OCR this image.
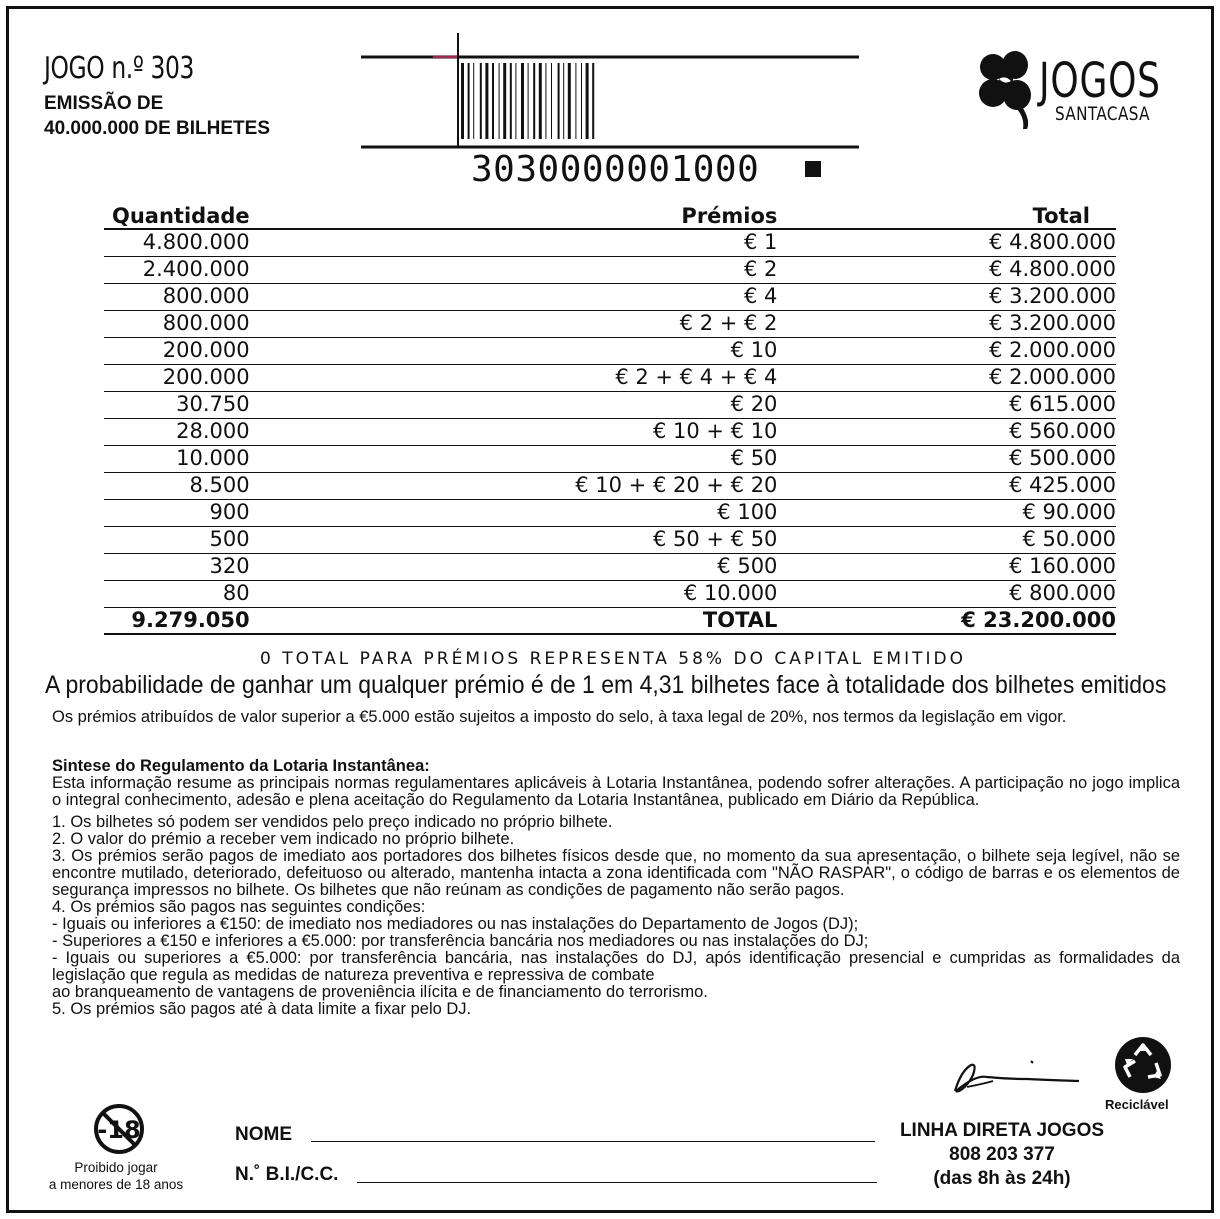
JOGO n.º 303
EMISSÃO DE
40.000.000 DE BILHETES
3030000001000
JOGOS
SANTACASA
Quantidade	Prémios	Total
4.800.000	€ 1	€ 4.800.000
2.400.000	€ 2	€ 4.800.000
800.000	€ 4	€ 3.200.000
800.000	€ 2 + € 2	€ 3.200.000
200.000	€ 10	€ 2.000.000
200.000	€ 2 + € 4 + € 4	€ 2.000.000
30.750	€ 20	€ 615.000
28.000	€ 10 + € 10	€ 560.000
10.000	€ 50	€ 500.000
8.500	€ 10 + € 20 + € 20	€ 425.000
900	€ 100	€ 90.000
500	€ 50 + € 50	€ 50.000
320	€ 500	€ 160.000
80	€ 10.000	€ 800.000
9.279.050	TOTAL	€ 23.200.000
0 TOTAL PARA PRÉMIOS REPRESENTA 58% DO CAPITAL EMITIDO
A probabilidade de ganhar um qualquer prémio é de 1 em 4,31 bilhetes face à totalidade dos bilhetes emitidos
Os prémios atribuídos de valor superior a €5.000 estão sujeitos a imposto do selo, à taxa legal de 20%, nos termos da legislação em vigor.

Sintese do Regulamento da Lotaria Instantânea:

Esta informação resume as principais normas regulamentares aplicáveis à Lotaria Instantânea, podendo sofrer alterações. A participação no jogo implica o integral conhecimento, adesão e plena aceitação do Regulamento da Lotaria Instantânea, publicado em Diário da República.

1. Os bilhetes só podem ser vendidos pelo preço indicado no próprio bilhete.

2. O valor do prémio a receber vem indicado no próprio bilhete.

3. Os prémios serão pagos de imediato aos portadores dos bilhetes físicos desde que, no momento da sua apresentação, o bilhete seja legível, não se encontre mutilado, deteriorado, defeituoso ou alterado, mantenha intacta a zona identificada com "NÃO RASPAR", o código de barras e os elementos de segurança impressos no bilhete. Os bilhetes que não reúnam as condições de pagamento não serão pagos.

4. Os prémios são pagos nas seguintes condições:

- Iguais ou inferiores a €150: de imediato nos mediadores ou nas instalações do Departamento de Jogos (DJ);

- Superiores a €150 e inferiores a €5.000: por transferência bancária nos mediadores ou nas instalações do DJ;

- Iguais ou superiores a €5.000: por transferência bancária, nas instalações do DJ, após identificação presencial e cumpridas as formalidades da legislação que regula as medidas de natureza preventiva e repressiva de combate

ao branqueamento de vantagens de proveniência ilícita e de financiamento do terrorismo.

5. Os prémios são pagos até à data limite a fixar pelo DJ.

Reciclável
-18
Proibido jogar
a menores de 18 anos
NOME
N.˚ B.I./C.C.
LINHA DIRETA JOGOS
808 203 377
(das 8h às 24h)
